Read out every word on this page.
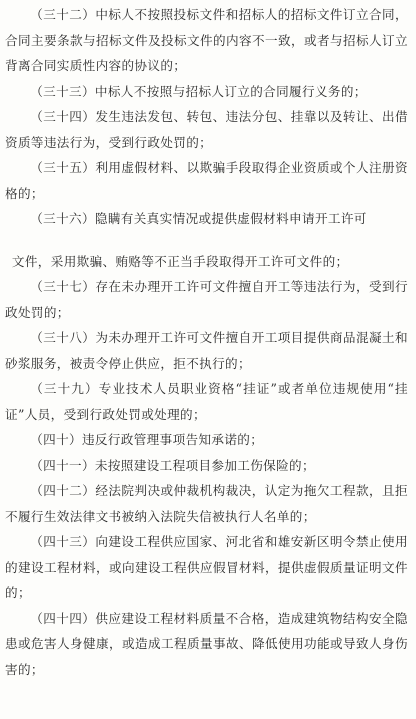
（三十二）中标人不按照投标文件和招标人的招标文件订立合同，合同主要条款与招标文件及投标文件的内容不一致，或者与招标人订立背离合同实质性内容的协议的；

（三十三）中标人不按照与招标人订立的合同履行义务的；

（三十四）发生违法发包、转包、违法分包、挂靠以及转让、出借资质等违法行为，受到行政处罚的；

（三十五）利用虚假材料、以欺骗手段取得企业资质或个人注册资格的；

（三十六）隐瞒有关真实情况或提供虚假材料申请开工许可

文件，采用欺骗、贿赂等不正当手段取得开工许可文件的；

（三十七）存在未办理开工许可文件擅自开工等违法行为，受到行政处罚的；

（三十八）为未办理开工许可文件擅自开工项目提供商品混凝土和砂浆服务，被责令停止供应，拒不执行的；

（三十九）专业技术人员职业资格“挂证”或者单位违规使用“挂证”人员，受到行政处罚或处理的；

（四十）违反行政管理事项告知承诺的；

（四十一）未按照建设工程项目参加工伤保险的；

（四十二）经法院判决或仲裁机构裁决，认定为拖欠工程款，且拒不履行生效法律文书被纳入法院失信被执行人名单的；

（四十三）向建设工程供应国家、河北省和雄安新区明令禁止使用的建设工程材料，或向建设工程供应假冒材料，提供虚假质量证明文件的；

（四十四）供应建设工程材料质量不合格，造成建筑物结构安全隐患或危害人身健康，或造成工程质量事故、降低使用功能或导致人身伤害的；
